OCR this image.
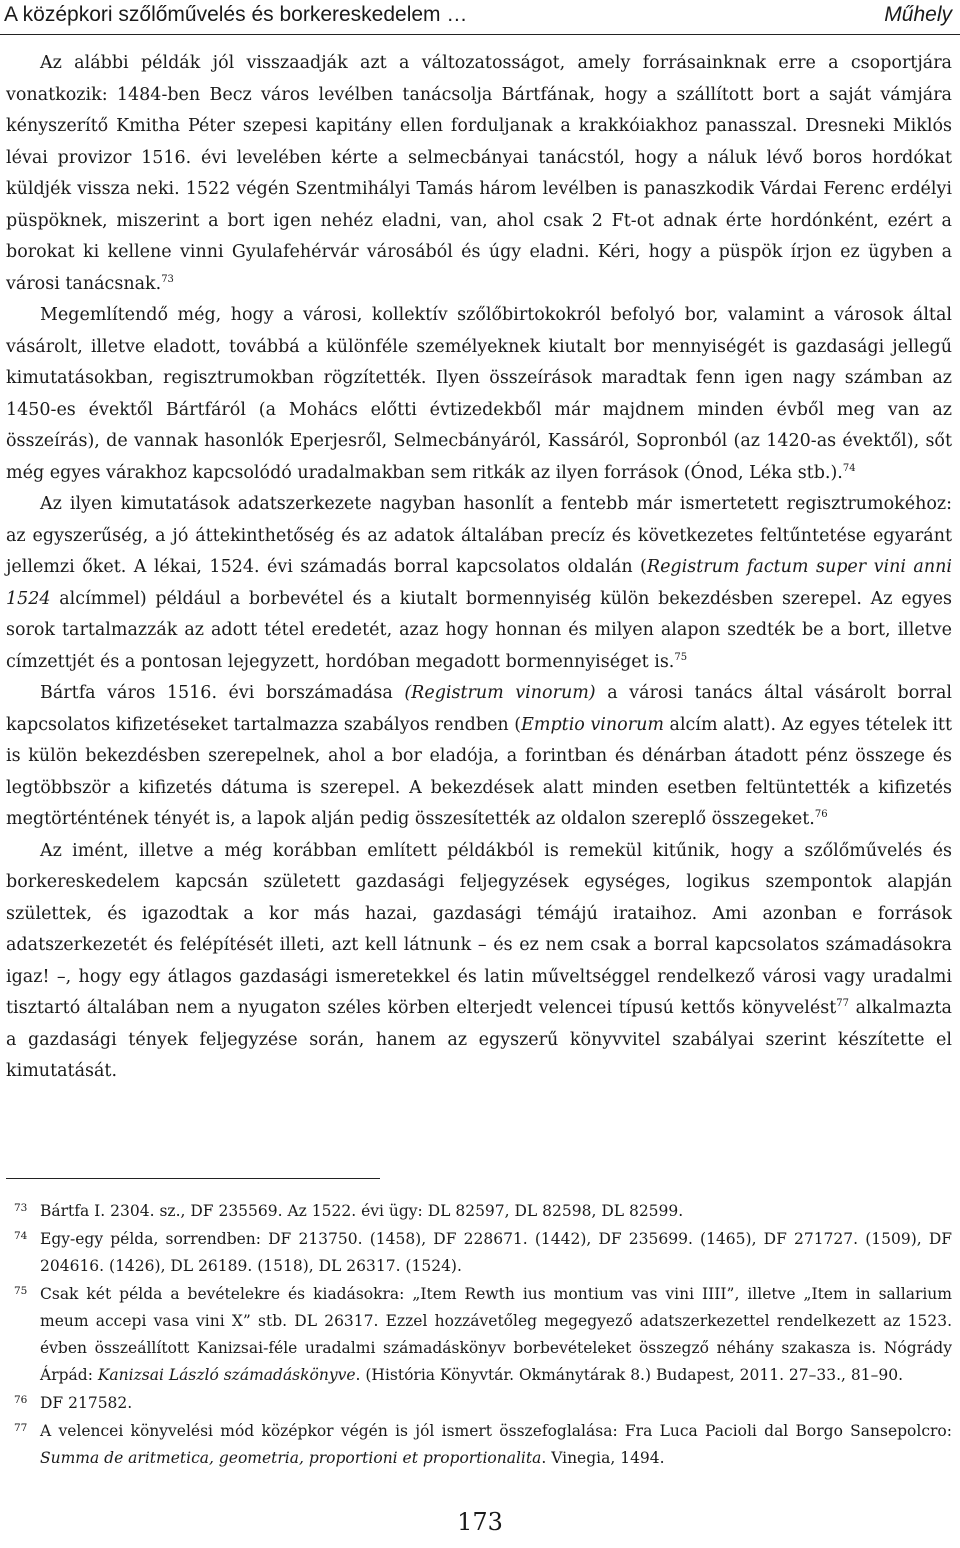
A középkori szőlőművelés és borkereskedelem …	Műhely

Az alábbi példák jól visszaadják azt a változatosságot, amely forrásainknak erre a csoportjára vonatkozik: 1484-ben Becz város levélben tanácsolja Bártfának, hogy a szállított bort a saját vámjára kényszerítő Kmitha Péter szepesi kapitány ellen forduljanak a krakkóiakhoz panasszal. Dresneki Miklós lévai provizor 1516. évi levelében kérte a selmecbányai tanácstól, hogy a náluk lévő boros hordókat küldjék vissza neki. 1522 végén Szentmihályi Tamás három levélben is panaszkodik Várdai Ferenc erdélyi püspöknek, miszerint a bort igen nehéz eladni, van, ahol csak 2 Ft-ot adnak érte hordónként, ezért a borokat ki kellene vinni Gyulafehérvár városából és úgy eladni. Kéri, hogy a püspök írjon ez ügyben a városi tanácsnak.$^{73}$

Megemlítendő még, hogy a városi, kollektív szőlőbirtokokról befolyó bor, valamint a városok által vásárolt, illetve eladott, továbbá a különféle személyeknek kiutalt bor mennyiségét is gazdasági jellegű kimutatásokban, regisztrumokban rögzítették. Ilyen összeírások maradtak fenn igen nagy számban az 1450-es évektől Bártfáról (a Mohács előtti évtizedekből már majdnem minden évből meg van az összeírás), de vannak hasonlók Eperjesről, Selmecbányáról, Kassáról, Sopronból (az 1420-as évektől), sőt még egyes várakhoz kapcsolódó uradalmakban sem ritkák az ilyen források (Ónod, Léka stb.).$^{74}$

Az ilyen kimutatások adatszerkezete nagyban hasonlít a fentebb már ismertetett regisztrumokéhoz: az egyszerűség, a jó áttekinthetőség és az adatok általában precíz és következetes feltűntetése egyaránt jellemzi őket. A lékai, 1524. évi számadás borral kapcsolatos oldalán (Registrum factum super vini anni 1524 alcímmel) például a borbevétel és a kiutalt bormennyiség külön bekezdésben szerepel. Az egyes sorok tartalmazzák az adott tétel eredetét, azaz hogy honnan és milyen alapon szedték be a bort, illetve címzettjét és a pontosan lejegyzett, hordóban megadott bormennyiséget is.$^{75}$

Bártfa város 1516. évi borszámadása (Registrum vinorum) a városi tanács által vásárolt borral kapcsolatos kifizetéseket tartalmazza szabályos rendben (Emptio vinorum alcím alatt). Az egyes tételek itt is külön bekezdésben szerepelnek, ahol a bor eladója, a forintban és dénárban átadott pénz összege és legtöbbször a kifizetés dátuma is szerepel. A bekezdések alatt minden esetben feltüntették a kifizetés megtörténtének tényét is, a lapok alján pedig összesítették az oldalon szereplő összegeket.$^{76}$

Az imént, illetve a még korábban említett példákból is remekül kitűnik, hogy a szőlőművelés és borkereskedelem kapcsán született gazdasági feljegyzések egységes, logikus szempontok alapján születtek, és igazodtak a kor más hazai, gazdasági témájú irataihoz. Ami azonban e források adatszerkezetét és felépítését illeti, azt kell látnunk – és ez nem csak a borral kapcsolatos számadásokra igaz! –, hogy egy átlagos gazdasági ismeretekkel és latin műveltséggel rendelkező városi vagy uradalmi tisztartó általában nem a nyugaton széles körben elterjedt velencei típusú kettős könyvelést$^{77}$ alkalmazta a gazdasági tények feljegyzése során, hanem az egyszerű könyvvitel szabályai szerint készítette el kimutatását.

73 Bártfa I. 2304. sz., DF 235569. Az 1522. évi ügy: DL 82597, DL 82598, DL 82599.
74 Egy-egy példa, sorrendben: DF 213750. (1458), DF 228671. (1442), DF 235699. (1465), DF 271727. (1509), DF 204616. (1426), DL 26189. (1518), DL 26317. (1524).
75 Csak két példa a bevételekre és kiadásokra: „Item Rewth ius montium vas vini IIII”, illetve „Item in sallarium meum accepi vasa vini X” stb. DL 26317. Ezzel hozzávetőleg megegyező adatszerkezettel rendelkezett az 1523. évben összeállított Kanizsai-féle uradalmi számadáskönyv borbevételeket összegző néhány szakasza is. Nógrády Árpád: Kanizsai László számadáskönyve. (História Könyvtár. Okmánytárak 8.) Budapest, 2011. 27–33., 81–90.
76 DF 217582.
77 A velencei könyvelési mód középkor végén is jól ismert összefoglalása: Fra Luca Pacioli dal Borgo Sansepolcro: Summa de aritmetica, geometria, proportioni et proportionalita. Vinegia, 1494.
173
